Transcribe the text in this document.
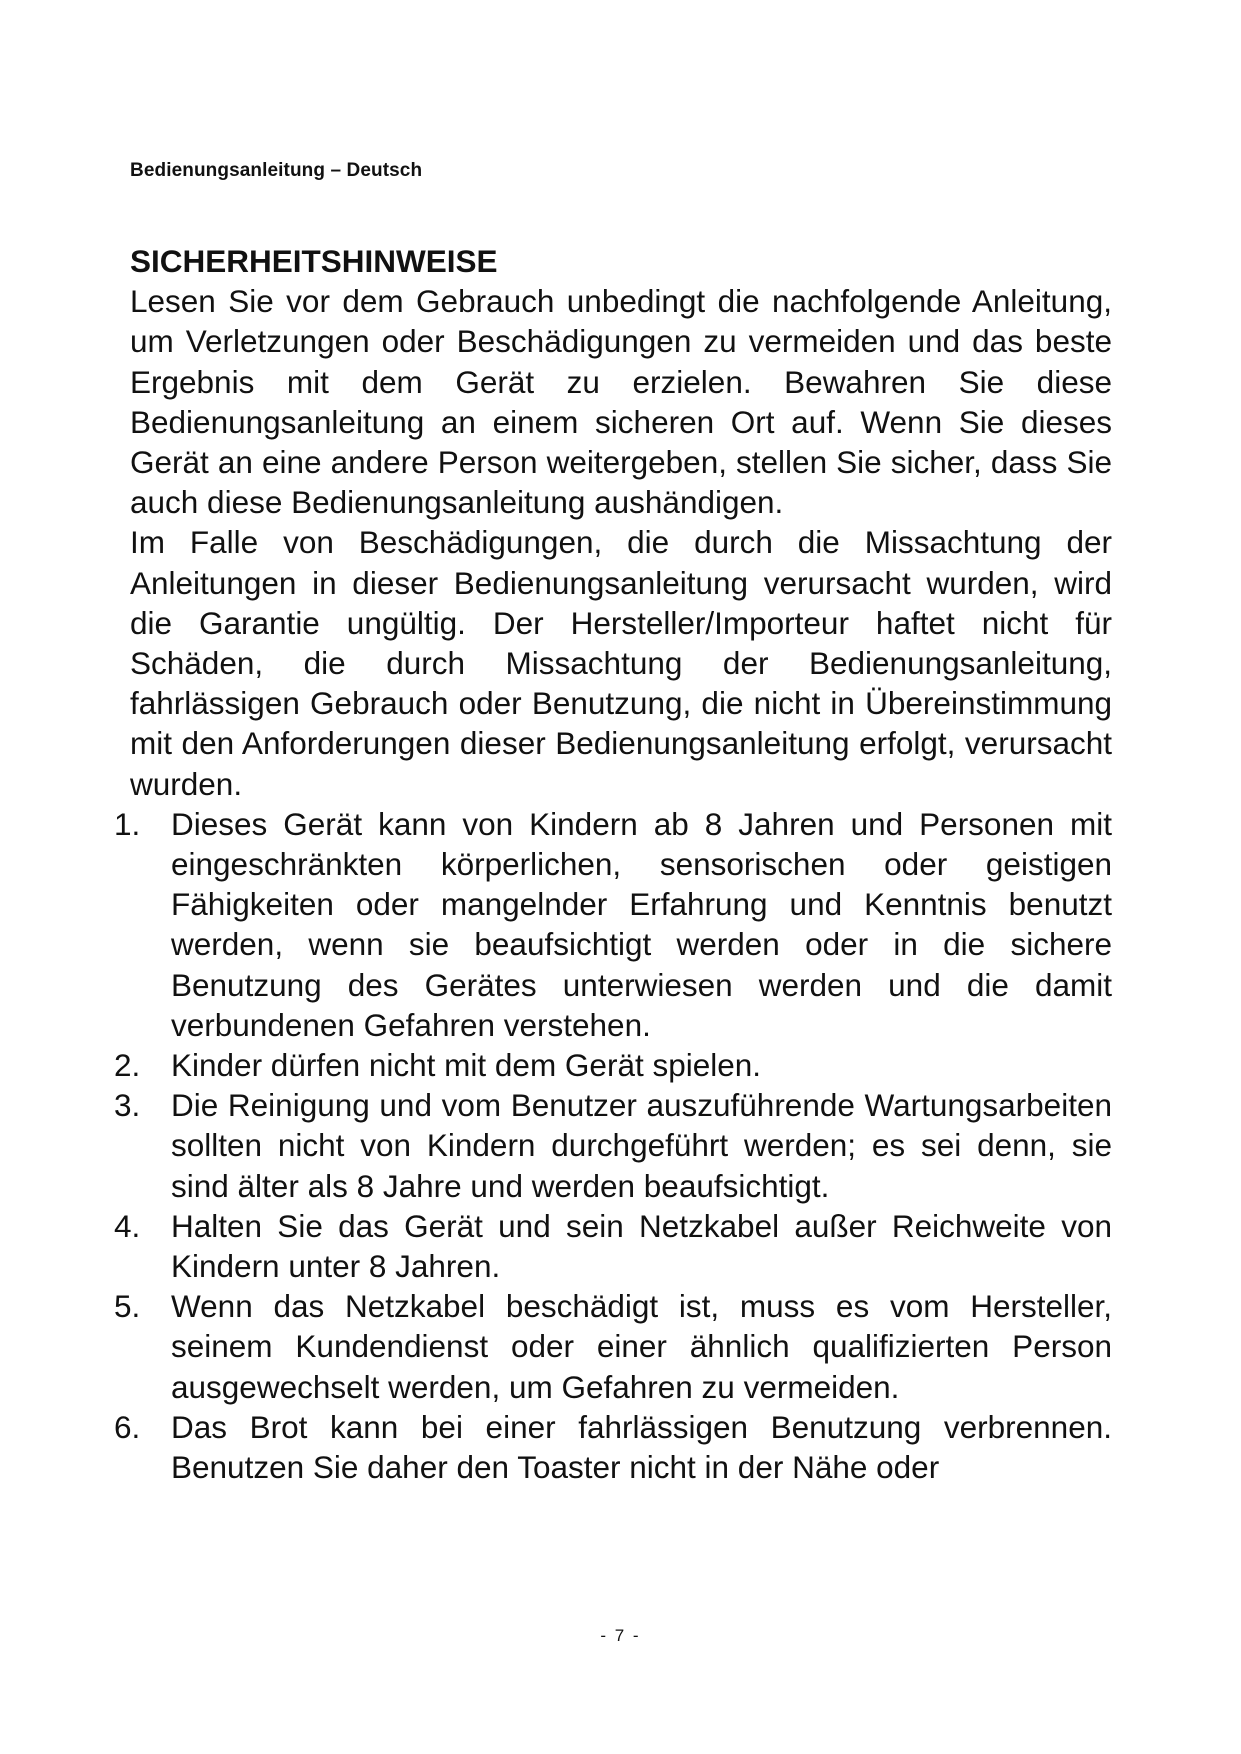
Bedienungsanleitung – Deutsch
SICHERHEITSHINWEISE

Lesen Sie vor dem Gebrauch unbedingt die nachfolgende Anleitung, um Verletzungen oder Beschädigungen zu vermeiden und das beste Ergebnis mit dem Gerät zu erzielen. Bewahren Sie diese Bedienungsanleitung an einem sicheren Ort auf. Wenn Sie dieses Gerät an eine andere Person weitergeben, stellen Sie sicher, dass Sie auch diese Bedienungsanleitung aushändigen.

Im Falle von Beschädigungen, die durch die Missachtung der Anleitungen in dieser Bedienungsanleitung verursacht wurden, wird die Garantie ungültig. Der Hersteller/Importeur haftet nicht für Schäden, die durch Missachtung der Bedienungsanleitung, fahrlässigen Gebrauch oder Benutzung, die nicht in Übereinstimmung mit den Anforderungen dieser Bedienungsanleitung erfolgt, verursacht wurden.

1. Dieses Gerät kann von Kindern ab 8 Jahren und Personen mit eingeschränkten körperlichen, sensorischen oder geistigen Fähigkeiten oder mangelnder Erfahrung und Kenntnis benutzt werden, wenn sie beaufsichtigt werden oder in die sichere Benutzung des Gerätes unterwiesen werden und die damit verbundenen Gefahren verstehen.
2. Kinder dürfen nicht mit dem Gerät spielen.
3. Die Reinigung und vom Benutzer auszuführende Wartungsarbeiten sollten nicht von Kindern durchgeführt werden; es sei denn, sie sind älter als 8 Jahre und werden beaufsichtigt.
4. Halten Sie das Gerät und sein Netzkabel außer Reichweite von Kindern unter 8 Jahren.
5. Wenn das Netzkabel beschädigt ist, muss es vom Hersteller, seinem Kundendienst oder einer ähnlich qualifizierten Person ausgewechselt werden, um Gefahren zu vermeiden.
6. Das Brot kann bei einer fahrlässigen Benutzung verbrennen. Benutzen Sie daher den Toaster nicht in der Nähe oder
- 7 -
